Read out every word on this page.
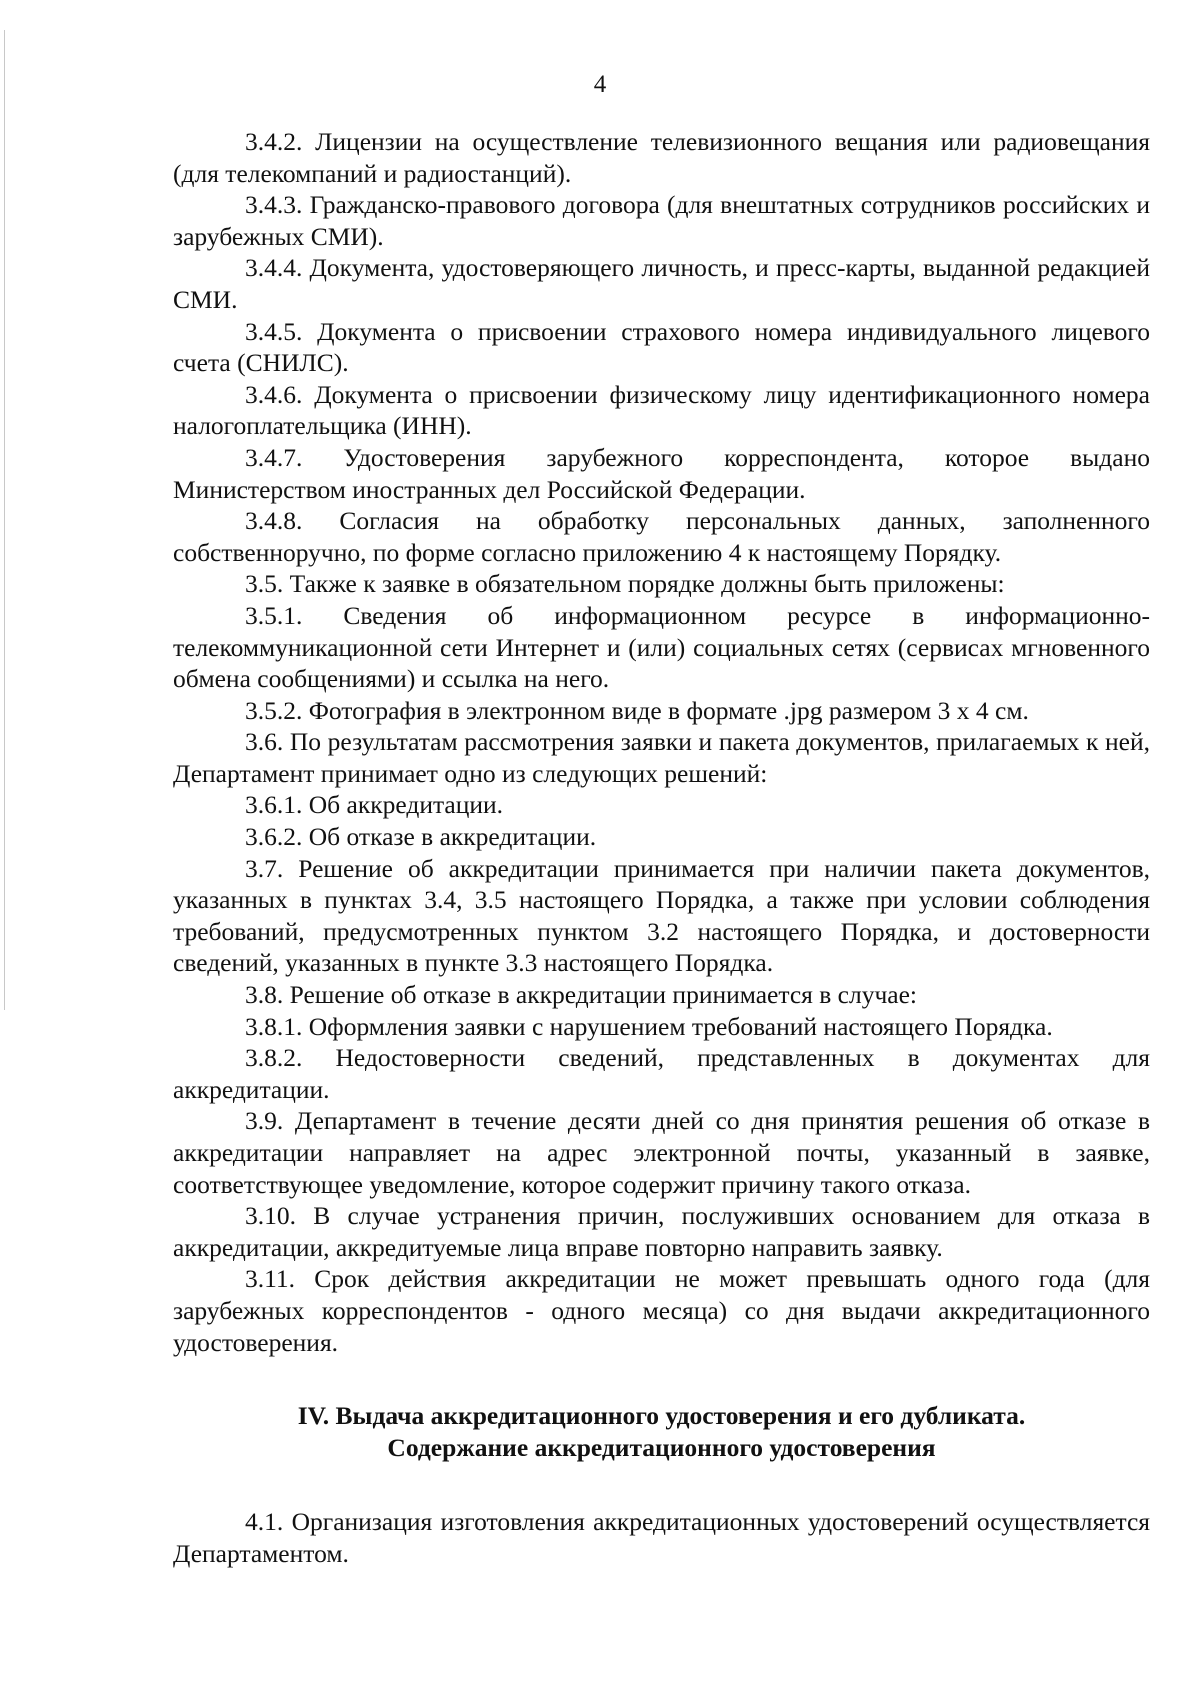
4

3.4.2. Лицензии на осуществление телевизионного вещания или радиовещания (для телекомпаний и радиостанций).

3.4.3. Гражданско-правового договора (для внештатных сотрудников российских и зарубежных СМИ).

3.4.4. Документа, удостоверяющего личность, и пресс-карты, выданной редакцией СМИ.

3.4.5. Документа о присвоении страхового номера индивидуального лицевого счета (СНИЛС).

3.4.6. Документа о присвоении физическому лицу идентификационного номера налогоплательщика (ИНН).

3.4.7. Удостоверения зарубежного корреспондента, которое выдано Министерством иностранных дел Российской Федерации.

3.4.8. Согласия на обработку персональных данных, заполненного собственноручно, по форме согласно приложению 4 к настоящему Порядку.

3.5. Также к заявке в обязательном порядке должны быть приложены:

3.5.1. Сведения об информационном ресурсе в информационно-телекоммуникационной сети Интернет и (или) социальных сетях (сервисах мгновенного обмена сообщениями) и ссылка на него.

3.5.2. Фотография в электронном виде в формате .jpg размером 3 х 4 см.

3.6. По результатам рассмотрения заявки и пакета документов, прилагаемых к ней, Департамент принимает одно из следующих решений:

3.6.1. Об аккредитации.

3.6.2. Об отказе в аккредитации.

3.7. Решение об аккредитации принимается при наличии пакета документов, указанных в пунктах 3.4, 3.5 настоящего Порядка, а также при условии соблюдения требований, предусмотренных пунктом 3.2 настоящего Порядка, и достоверности сведений, указанных в пункте 3.3 настоящего Порядка.

3.8. Решение об отказе в аккредитации принимается в случае:

3.8.1. Оформления заявки с нарушением требований настоящего Порядка.

3.8.2. Недостоверности сведений, представленных в документах для аккредитации.

3.9. Департамент в течение десяти дней со дня принятия решения об отказе в аккредитации направляет на адрес электронной почты, указанный в заявке, соответствующее уведомление, которое содержит причину такого отказа.

3.10. В случае устранения причин, послуживших основанием для отказа в аккредитации, аккредитуемые лица вправе повторно направить заявку.

3.11. Срок действия аккредитации не может превышать одного года (для зарубежных корреспондентов - одного месяца) со дня выдачи аккредитационного удостоверения.

IV. Выдача аккредитационного удостоверения и его дубликата.
Содержание аккредитационного удостоверения

4.1. Организация изготовления аккредитационных удостоверений осуществляется Департаментом.
